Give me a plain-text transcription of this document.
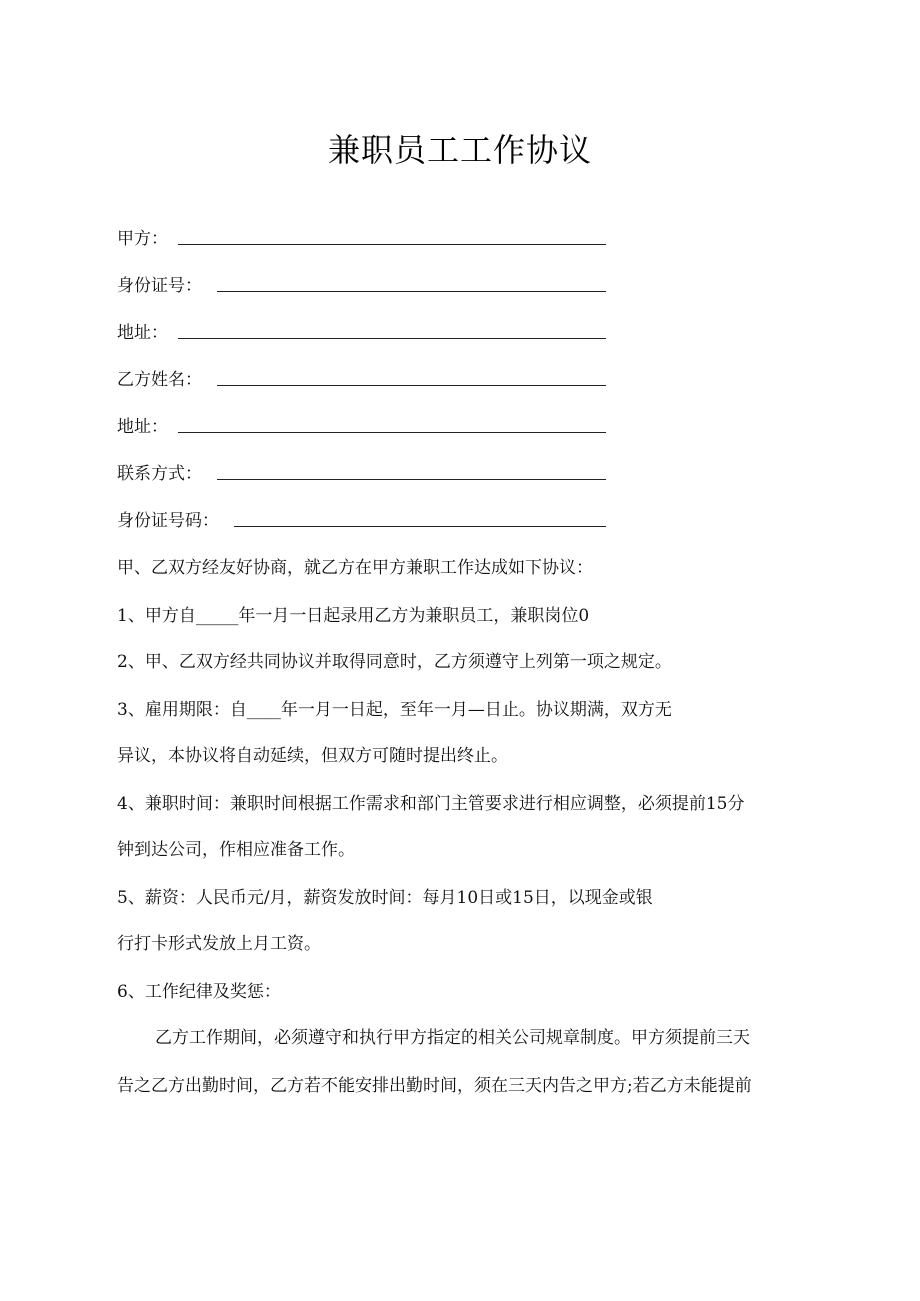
兼职员工工作协议
甲方：
身份证号：
地址：
乙方姓名：
地址：
联系方式：
身份证号码：
甲、乙双方经友好协商，就乙方在甲方兼职工作达成如下协议：
1、甲方自_____年一月一日起录用乙方为兼职员工，兼职岗位0
2、甲、乙双方经共同协议并取得同意时，乙方须遵守上列第一项之规定。
3、雇用期限：自____年一月一日起，至年一月—日止。协议期满，双方无
异议，本协议将自动延续，但双方可随时提出终止。
4、兼职时间：兼职时间根据工作需求和部门主管要求进行相应调整，必须提前15分
钟到达公司，作相应准备工作。
5、薪资：人民币元/月，薪资发放时间：每月10日或15日，以现金或银
行打卡形式发放上月工资。
6、工作纪律及奖惩：
乙方工作期间，必须遵守和执行甲方指定的相关公司规章制度。甲方须提前三天
告之乙方出勤时间，乙方若不能安排出勤时间，须在三天内告之甲方;若乙方未能提前
